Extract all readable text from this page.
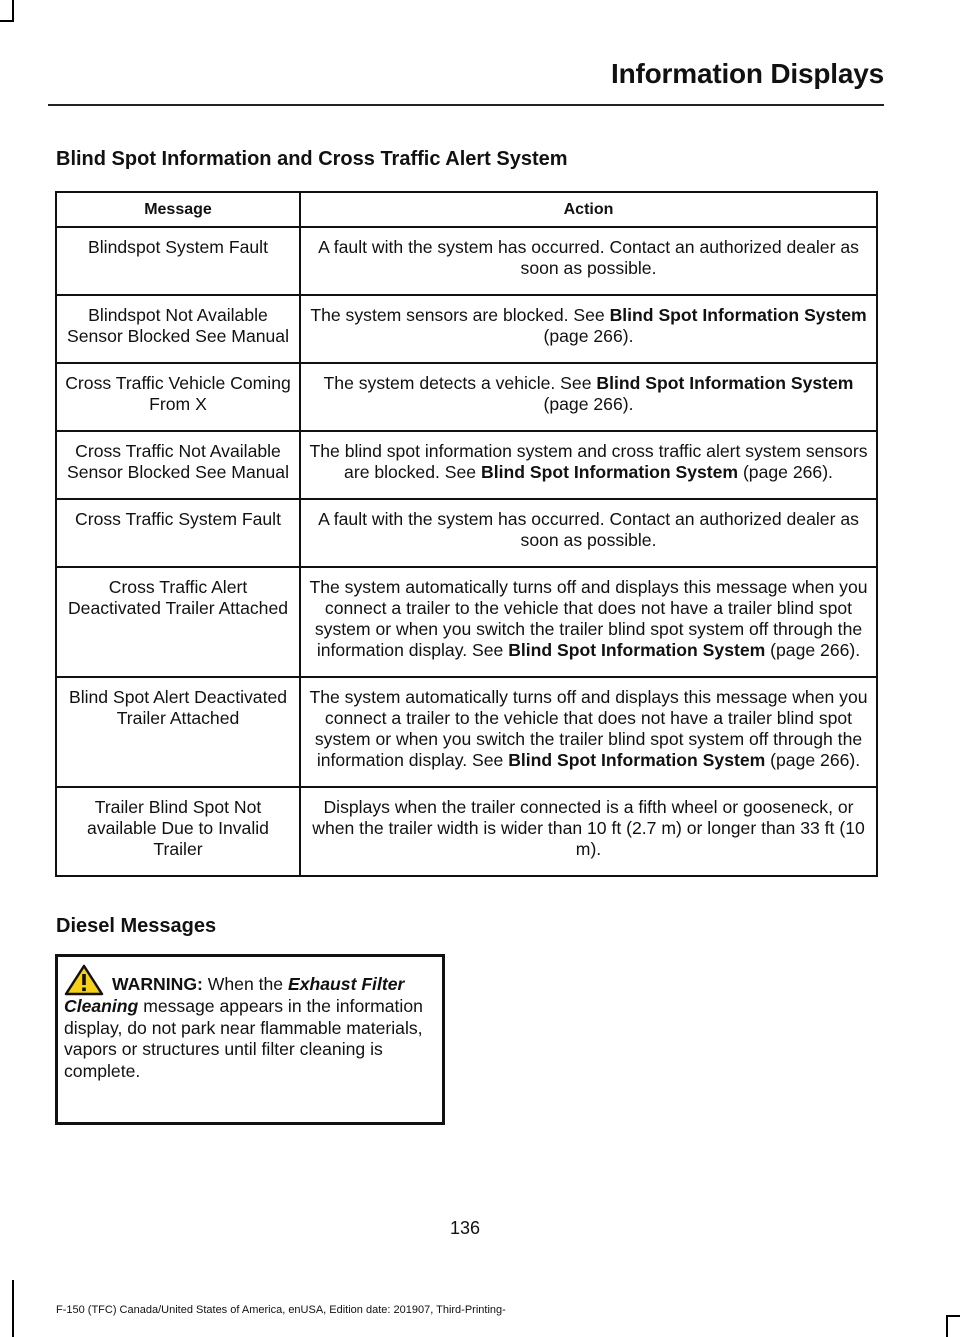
Information Displays
Blind Spot Information and Cross Traffic Alert System
Message	Action
Blindspot System Fault	A fault with the system has occurred. Contact an authorized dealer as soon as possible.
Blindspot Not Available Sensor Blocked See Manual	The system sensors are blocked. See Blind Spot Information System (page 266).
Cross Traffic Vehicle Coming From X	The system detects a vehicle. See Blind Spot Information System (page 266).
Cross Traffic Not Available Sensor Blocked See Manual	The blind spot information system and cross traffic alert system sensors are blocked. See Blind Spot Information System (page 266).
Cross Traffic System Fault	A fault with the system has occurred. Contact an authorized dealer as soon as possible.
Cross Traffic Alert Deactivated Trailer Attached	The system automatically turns off and displays this message when you connect a trailer to the vehicle that does not have a trailer blind spot system or when you switch the trailer blind spot system off through the information display. See Blind Spot Information System (page 266).
Blind Spot Alert Deactivated Trailer Attached	The system automatically turns off and displays this message when you connect a trailer to the vehicle that does not have a trailer blind spot system or when you switch the trailer blind spot system off through the information display. See Blind Spot Information System (page 266).
Trailer Blind Spot Not available Due to Invalid Trailer	Displays when the trailer connected is a fifth wheel or gooseneck, or when the trailer width is wider than 10 ft (2.7 m) or longer than 33 ft (10 m).
Diesel Messages
WARNING: When the Exhaust Filter Cleaning message appears in the information display, do not park near flammable materials, vapors or structures until filter cleaning is complete.
136
F-150 (TFC) Canada/United States of America, enUSA, Edition date: 201907, Third-Printing-
